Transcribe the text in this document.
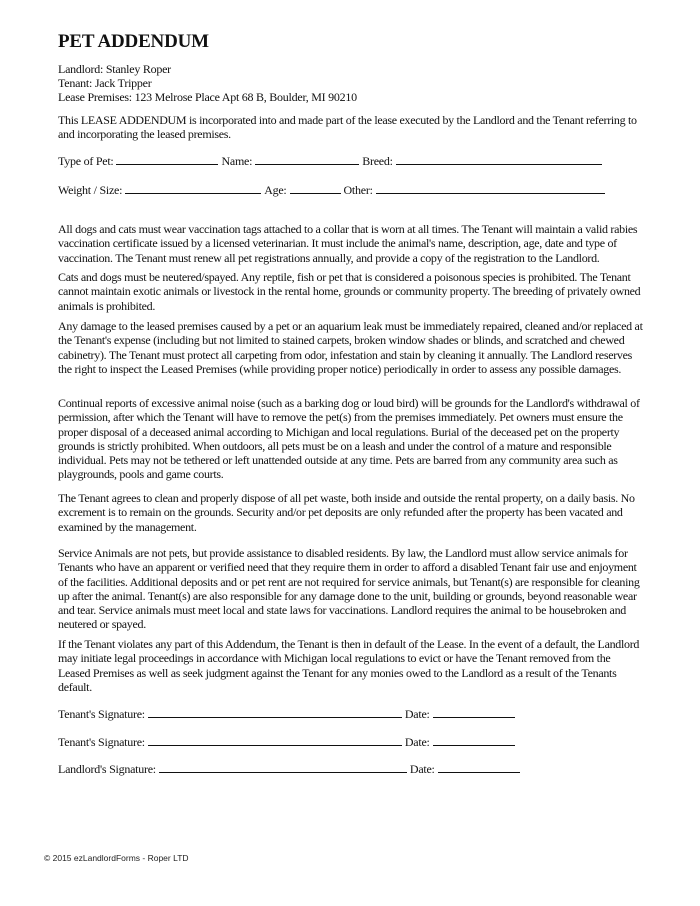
PET ADDENDUM
Landlord: Stanley Roper
Tenant: Jack Tripper
Lease Premises: 123 Melrose Place Apt 68 B, Boulder, MI 90210
This LEASE ADDENDUM is incorporated into and made part of the lease executed by the Landlord and the Tenant referring to and incorporating the leased premises.
Type of Pet:	Name:	Breed:
Weight / Size:	Age:	Other:
All dogs and cats must wear vaccination tags attached to a collar that is worn at all times. The Tenant will maintain a valid rabies vaccination certificate issued by a licensed veterinarian. It must include the animal's name, description, age, date and type of vaccination. The Tenant must renew all pet registrations annually, and provide a copy of the registration to the Landlord.
Cats and dogs must be neutered/spayed. Any reptile, fish or pet that is considered a poisonous species is prohibited. The Tenant cannot maintain exotic animals or livestock in the rental home, grounds or community property. The breeding of privately owned animals is prohibited.
Any damage to the leased premises caused by a pet or an aquarium leak must be immediately repaired, cleaned and/or replaced at the Tenant's expense (including but not limited to stained carpets, broken window shades or blinds, and scratched and chewed cabinetry). The Tenant must protect all carpeting from odor, infestation and stain by cleaning it annually. The Landlord reserves the right to inspect the Leased Premises (while providing proper notice) periodically in order to assess any possible damages.
Continual reports of excessive animal noise (such as a barking dog or loud bird) will be grounds for the Landlord's withdrawal of permission, after which the Tenant will have to remove the pet(s) from the premises immediately. Pet owners must ensure the proper disposal of a deceased animal according to Michigan and local regulations. Burial of the deceased pet on the property grounds is strictly prohibited. When outdoors, all pets must be on a leash and under the control of a mature and responsible individual. Pets may not be tethered or left unattended outside at any time. Pets are barred from any community area such as playgrounds, pools and game courts.
The Tenant agrees to clean and properly dispose of all pet waste, both inside and outside the rental property, on a daily basis. No excrement is to remain on the grounds. Security and/or pet deposits are only refunded after the property has been vacated and examined by the management.
Service Animals are not pets, but provide assistance to disabled residents. By law, the Landlord must allow service animals for Tenants who have an apparent or verified need that they require them in order to afford a disabled Tenant fair use and enjoyment of the facilities. Additional deposits and or pet rent are not required for service animals, but Tenant(s) are responsible for cleaning up after the animal. Tenant(s) are also responsible for any damage done to the unit, building or grounds, beyond reasonable wear and tear. Service animals must meet local and state laws for vaccinations. Landlord requires the animal to be housebroken and neutered or spayed.
If the Tenant violates any part of this Addendum, the Tenant is then in default of the Lease. In the event of a default, the Landlord may initiate legal proceedings in accordance with Michigan local regulations to evict or have the Tenant removed from the Leased Premises as well as seek judgment against the Tenant for any monies owed to the Landlord as a result of the Tenants default.
Tenant's Signature:	Date:
Tenant's Signature:	Date:
Landlord's Signature:	Date:
© 2015 ezLandlordForms - Roper LTD
